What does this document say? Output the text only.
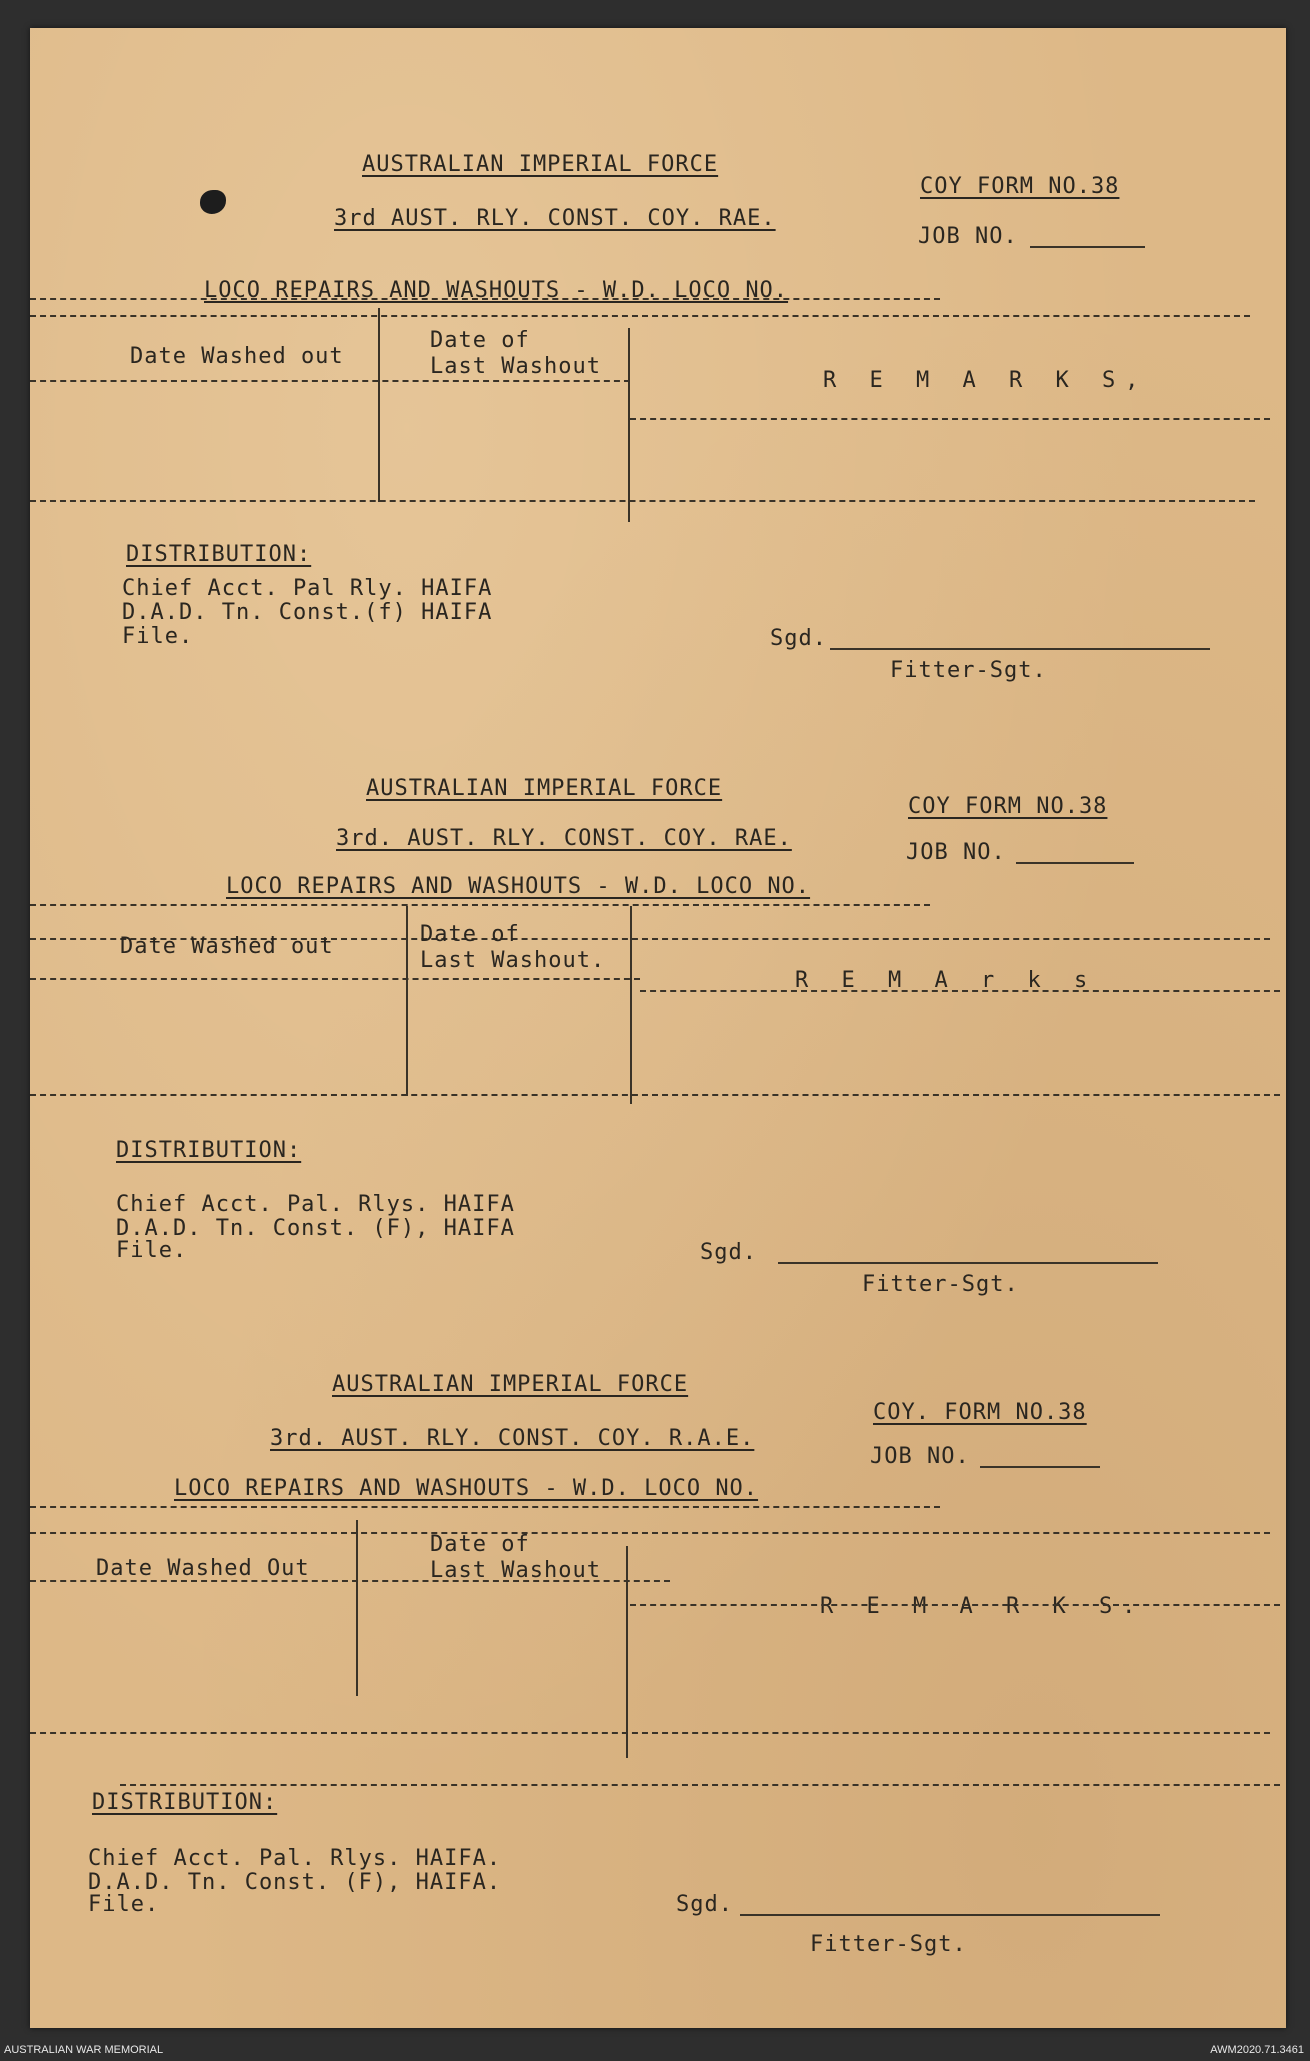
AUSTRALIAN IMPERIAL FORCE
3rd AUST. RLY. CONST. COY. RAE.
COY FORM NO.38
JOB NO.
LOCO REPAIRS AND WASHOUTS - W.D. LOCO NO.
Date Washed out
Date of
Last Washout
R E M A R K S,
DISTRIBUTION:
Chief Acct. Pal Rly. HAIFA
D.A.D. Tn. Const.(f) HAIFA
File.	Sgd.
Fitter-Sgt.
AUSTRALIAN IMPERIAL FORCE
3rd. AUST. RLY. CONST. COY. RAE.
COY FORM NO.38
JOB NO.
LOCO REPAIRS AND WASHOUTS - W.D. LOCO NO.
Date Washed out	Date of
Last Washout.
R E M A r k s
DISTRIBUTION:
Chief Acct. Pal. Rlys. HAIFA
D.A.D. Tn. Const. (F), HAIFA
File.	Sgd.
Fitter-Sgt.
AUSTRALIAN IMPERIAL FORCE
3rd. AUST. RLY. CONST. COY. R.A.E.
COY. FORM NO.38
JOB NO.
LOCO REPAIRS AND WASHOUTS - W.D. LOCO NO.
Date Washed Out
Date of
Last Washout
R E M A R K S.
DISTRIBUTION:
Chief Acct. Pal. Rlys. HAIFA.
D.A.D. Tn. Const. (F), HAIFA.
File.	Sgd.
Fitter-Sgt.
AUSTRALIAN WAR MEMORIAL	AWM2020.71.3461
